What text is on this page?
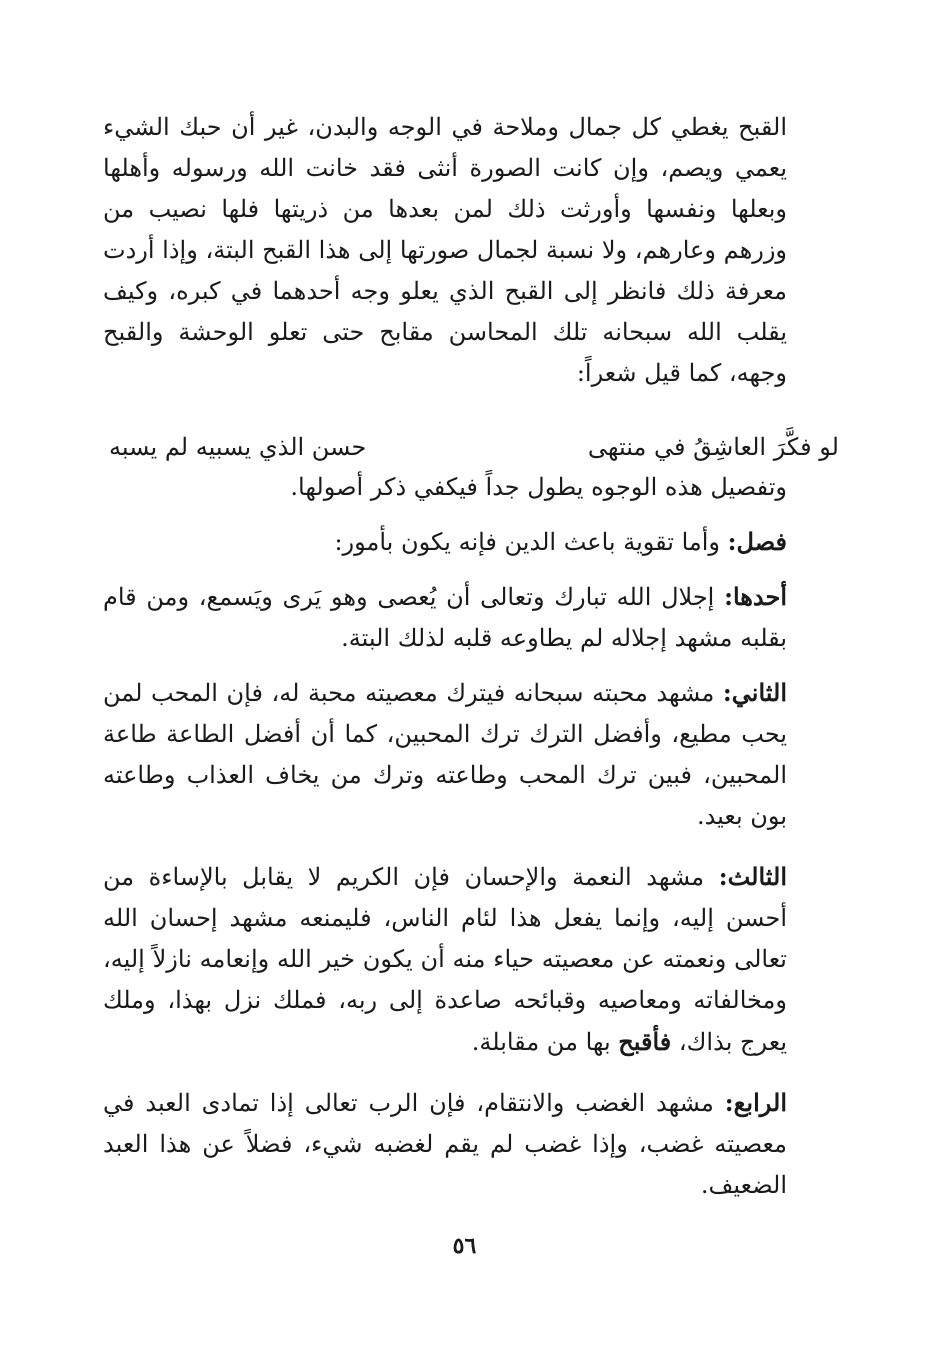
القبح يغطي كل جمال وملاحة في الوجه والبدن، غير أن حبك الشيء يعمي ويصم، وإن كانت الصورة أنثى فقد خانت الله ورسوله وأهلها وبعلها ونفسها وأورثت ذلك لمن بعدها من ذريتها فلها نصيب من وزرهم وعارهم، ولا نسبة لجمال صورتها إلى هذا القبح البتة، وإذا أردت معرفة ذلك فانظر إلى القبح الذي يعلو وجه أحدهما في كبره، وكيف يقلب الله سبحانه تلك المحاسن مقابح حتى تعلو الوحشة والقبح وجهه، كما قيل شعراً:

لو فكَّرَ العاشِقُ في منتهى
حسن الذي يسبيه لم يسبه

وتفصيل هذه الوجوه يطول جداً فيكفي ذكر أصولها.

فصل: وأما تقوية باعث الدين فإنه يكون بأمور:

أحدها: إجلال الله تبارك وتعالى أن يُعصى وهو يَرى ويَسمع، ومن قام بقلبه مشهد إجلاله لم يطاوعه قلبه لذلك البتة.

الثاني: مشهد محبته سبحانه فيترك معصيته محبة له، فإن المحب لمن يحب مطيع، وأفضل الترك ترك المحبين، كما أن أفضل الطاعة طاعة المحبين، فبين ترك المحب وطاعته وترك من يخاف العذاب وطاعته بون بعيد.

الثالث: مشهد النعمة والإحسان فإن الكريم لا يقابل بالإساءة من أحسن إليه، وإنما يفعل هذا لئام الناس، فليمنعه مشهد إحسان الله تعالى ونعمته عن معصيته حياء منه أن يكون خير الله وإنعامه نازلاً إليه، ومخالفاته ومعاصيه وقبائحه صاعدة إلى ربه، فملك نزل بهذا، وملك يعرج بذاك، فأقبح بها من مقابلة.

الرابع: مشهد الغضب والانتقام، فإن الرب تعالى إذا تمادى العبد في معصيته غضب، وإذا غضب لم يقم لغضبه شيء، فضلاً عن هذا العبد الضعيف.

٥٦
